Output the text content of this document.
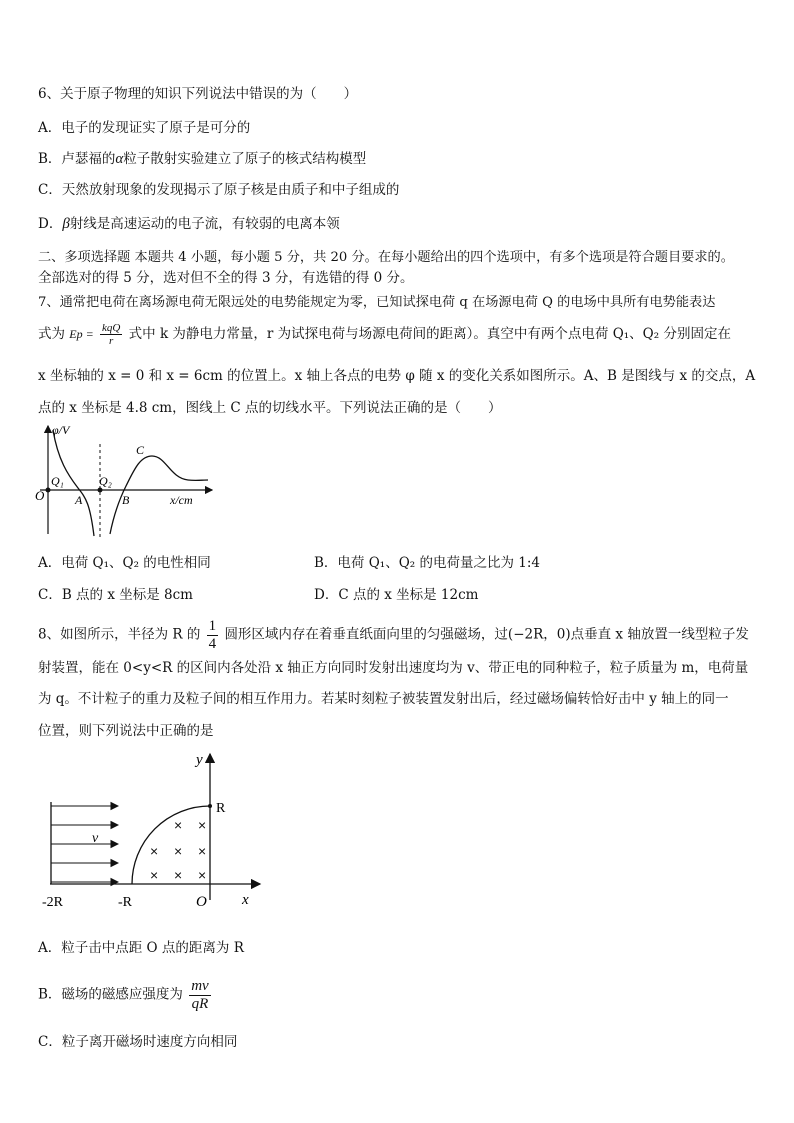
6、关于原子物理的知识下列说法中错误的为（　　）
A．电子的发现证实了原子是可分的
B．卢瑟福的α粒子散射实验建立了原子的核式结构模型
C．天然放射现象的发现揭示了原子核是由质子和中子组成的
D．β射线是高速运动的电子流，有较弱的电离本领
二、多项选择题 本题共 4 小题，每小题 5 分，共 20 分。在每小题给出的四个选项中，有多个选项是符合题目要求的。
全部选对的得 5 分，选对但不全的得 3 分，有选错的得 0 分。
7、通常把电荷在离场源电荷无限远处的电势能规定为零，已知试探电荷 q 在场源电荷 Q 的电场中具所有电势能表达
式为 $Ep = \frac{\text{kqQ}}{r}$ 式中 k 为静电力常量，r 为试探电荷与场源电荷间的距离）。真空中有两个点电荷 Q₁、Q₂ 分别固定在
x 坐标轴的 x = 0 和 x = 6cm 的位置上。x 轴上各点的电势 φ 随 x 的变化关系如图所示。A、B 是图线与 x 的交点，A
点的 x 坐标是 4.8 cm，图线上 C 点的切线水平。下列说法正确的是（　　）
φ/V
x/cm
O
Q₁	Q₂
A	B
C
A．电荷 Q₁、Q₂ 的电性相同	B．电荷 Q₁、Q₂ 的电荷量之比为 1:4
C．B 点的 x 坐标是 8cm	D．C 点的 x 坐标是 12cm
8、如图所示，半径为 R 的 $\frac{1}{4}$ 圆形区域内存在着垂直纸面向里的匀强磁场，过(−2R，0)点垂直 x 轴放置一线型粒子发
射装置，能在 0<y<R 的区间内各处沿 x 轴正方向同时发射出速度均为 v、带正电的同种粒子，粒子质量为 m，电荷量
为 q。不计粒子的重力及粒子间的相互作用力。若某时刻粒子被装置发射出后，经过磁场偏转恰好击中 y 轴上的同一
位置，则下列说法中正确的是
× ×
× × ×
× × ×
y
x
R
v
-2R	-R	O
A．粒子击中点距 O 点的距离为 R
B．磁场的磁感应强度为 $\frac{mv}{qR}$
C．粒子离开磁场时速度方向相同
